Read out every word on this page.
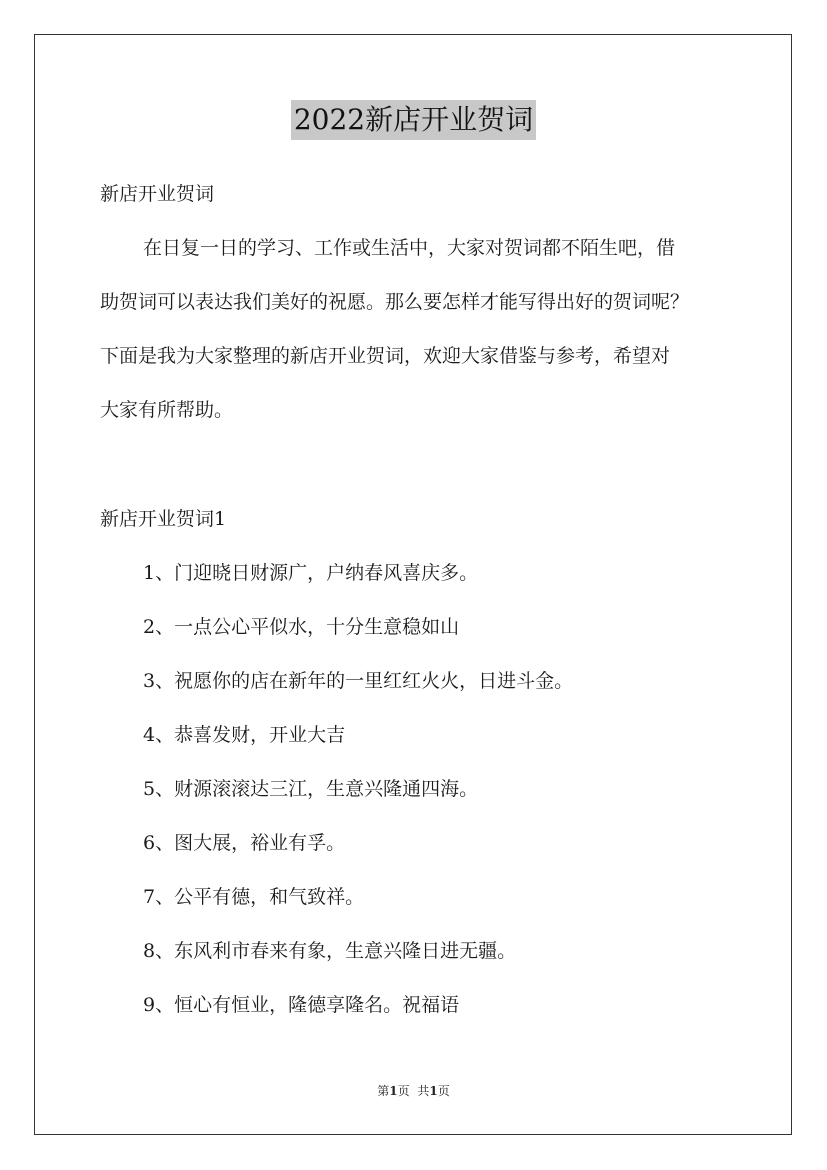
2022新店开业贺词
新店开业贺词
在日复一日的学习、工作或生活中，大家对贺词都不陌生吧，借
助贺词可以表达我们美好的祝愿。那么要怎样才能写得出好的贺词呢？
下面是我为大家整理的新店开业贺词，欢迎大家借鉴与参考，希望对
大家有所帮助。
新店开业贺词1
1、门迎晓日财源广，户纳春风喜庆多。
2、一点公心平似水，十分生意稳如山
3、祝愿你的店在新年的一里红红火火，日进斗金。
4、恭喜发财，开业大吉
5、财源滚滚达三江，生意兴隆通四海。
6、图大展，裕业有孚。
7、公平有德，和气致祥。
8、东风利市春来有象，生意兴隆日进无疆。
9、恒心有恒业，隆德享隆名。祝福语
第1页 共1页
